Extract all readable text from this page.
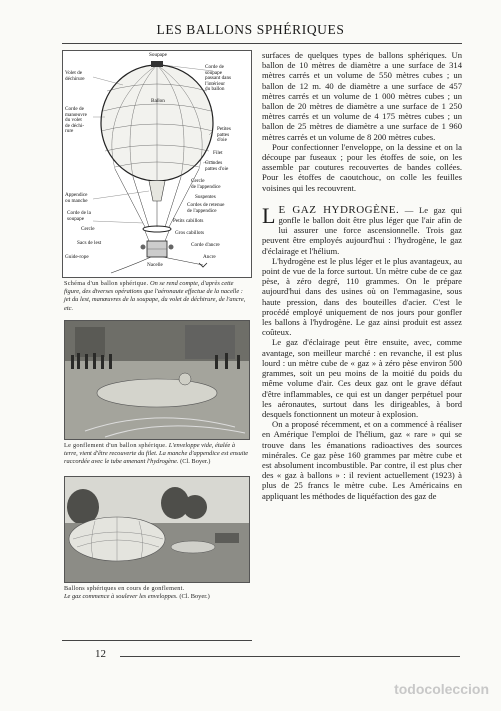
LES BALLONS SPHÉRIQUES
Soupape
Volet de
déchirure
Corde de
soupape
passant dans
l'intérieur
du ballon
Ballon
Corde de
manœuvre
du volet
de déchi-
rure	Petites
pattes
d'oie
Filet
Grandes
pattes d'oie
Appendice
ou manche
Cercle
de l'appendice
Suspentes
Cordes de retenue
de l'appendice
Corde de la
soupape
Cercle
Petits cabillots
Gros cabillots
Sacs de lest	Corde d'ancre
Guide-rope	Ancre
Nacelle
Schéma d'un ballon sphérique. On se rend compte, d'après cette figure, des diverses opérations que l'aéronaute effectue de la nacelle : jet du lest, manœuvres de la soupape, du volet de déchirure, de l'ancre, etc.
Le gonflement d'un ballon sphérique. L'enveloppe vide, étalée à terre, vient d'être recouverte du filet. La manche d'appendice est ensuite raccordée avec le tube amenant l'hydrogène. (Cl. Boyer.)
Ballons sphériques en cours de gonflement.
Le gaz commence à soulever les enveloppes. (Cl. Boyer.)

surfaces de quelques types de ballons sphériques. Un ballon de 10 mètres de diamètre a une surface de 314 mètres carrés et un volume de 550 mètres cubes ; un ballon de 12 m. 40 de diamètre a une surface de 457 mètres carrés et un volume de 1 000 mètres cubes ; un ballon de 20 mètres de diamètre a une surface de 1 250 mètres carrés et un volume de 4 175 mètres cubes ; un ballon de 25 mètres de diamètre a une surface de 1 960 mètres carrés et un volume de 8 200 mètres cubes.

Pour confectionner l'enveloppe, on la dessine et on la découpe par fuseaux ; pour les étoffes de soie, on les assemble par coutures recouvertes de bandes collées. Pour les étoffes de caoutchouc, on colle les feuilles voisines qui les recouvrent.

L E GAZ HYDROGÈNE. — Le gaz qui gonfle le ballon doit être plus léger que l'air afin de lui assurer une force ascensionnelle. Trois gaz peuvent être employés aujourd'hui : l'hydrogène, le gaz d'éclairage et l'hélium.

L'hydrogène est le plus léger et le plus avantageux, au point de vue de la force surtout. Un mètre cube de ce gaz pèse, à zéro degré, 110 grammes. On le prépare aujourd'hui dans des usines où on l'emmagasine, sous haute pression, dans des bouteilles d'acier. C'est le procédé employé uniquement de nos jours pour gonfler les ballons à l'hydrogène. Le gaz ainsi produit est assez coûteux.

Le gaz d'éclairage peut être ensuite, avec, comme avantage, son meilleur marché : en revanche, il est plus lourd : un mètre cube de « gaz » à zéro pèse environ 500 grammes, soit un peu moins de la moitié du poids du même volume d'air. Ces deux gaz ont le grave défaut d'être inflammables, ce qui est un danger perpétuel pour les aéronautes, surtout dans les dirigeables, à bord desquels fonctionnent un moteur à explosion.

On a proposé récemment, et on a commencé à réaliser en Amérique l'emploi de l'hélium, gaz « rare » qui se trouve dans les émanations radioactives des sources minérales. Ce gaz pèse 160 grammes par mètre cube et est absolument incombustible. Par contre, il est plus cher des « gaz à ballons » : il revient actuellement (1923) à plus de 25 francs le mètre cube. Les Américains en appliquant les méthodes de liquéfaction des gaz de

12
todocoleccion
